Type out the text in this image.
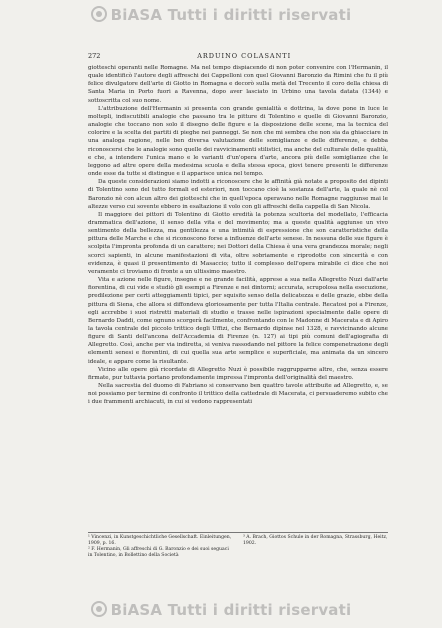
BiASA Tutti i diritti riservati
272	ARDUINO COLASANTI

giotteschi operanti nelle Romagne. Ma nel tempo dispiacendo di non poter convenire con l'Hermanin, il quale identificò l'autore degli affreschi dei Cappelloni con quel Giovanni Baronzio da Rimini che fu il più felice divulgatore dell'arte di Giotto in Romagna e decorò sulla metà del Trecento il coro della chiesa di Santa Maria in Porto fuori a Ravenna, dopo aver lasciato in Urbino una tavola datata (1344) e sottoscritta col suo nome.

L'attribuzione dell'Hermanin si presenta con grande genialità e dottrina, la dove pone in luce le moltepli, indiscutibili analogie che passano tra le pitture di Tolentino e quelle di Giovanni Baronzio, analogie che toccano non solo il disegno delle figure e la disposizione delle scene, ma la tecnica del colorire e la scelta dei partiti di pieghe nei panneggi. Se non che mi sembra che non sia da ghiacciare in una analoga ragione, nelle ben diversa valutazione delle somiglianze e delle differenze, e debba riconoscersi che le analogie sono quelle dei ravvicinamenti stilistici, ma anche del culturale delle qualità, e che, a intendere l'unica mano e le varianti d'un'opera d'arte, ancora più delle somiglianze che le leggono ad altre opere della medesima scuola e della stessa epoca, giovi tenere presenti le differenze onde esse da tutte si distingue e il apparisce unica nel tempo.

Da queste considerazioni siamo indotti a riconoscere che le affinità già notate a proposito dei dipinti di Tolentino sono del tutto formali ed esteriori, non toccano cioè la sostanza dell'arte, la quale nè col Baronzio nè con alcun altro dei giotteschi che in quell'epoca operavano nelle Romagne raggiunse mai le altezze verso cui sovente ebbero in esaltazione il volo con gli affreschi della cappella di San Nicola.

Il maggiore dei pittori di Tolentino di Giotto eredità la potenza scultoria del modellato, l'efficacia drammatica dell'azione, il senso della vita e del movimento; ma a queste qualità aggiunse un vivo sentimento della bellezza, ma gentilezza e una intimità di espressione che son caratteristiche della pittura delle Marche e che si riconoscono forse a influenze dell'arte senese. In nessuna delle sue figure è scolpita l'impronta profonda di un carattere; nei Dottori della Chiesa è una vera grandezza morale; negli scorci sapienti, in alcune manifestazioni di vita, oltre sobriamente e riprodotte con sincerità e con evidenza, è quasi il presentimento di Masaccio; tutto il complesso dell'opera mirabile ci dice che noi veramente ci troviamo di fronte a un ultissimo maestro.

Vita e azione nelle figure, insegne e ne grande facilità, apprese a sua nella Allegretto Nuzi dall'arte fiorentina, di cui vide e studiò gli esempi a Firenze e nei dintorni; accurata, scrupolosa nella esecuzione, predilezione per certi atteggiamenti tipici, per squisito senso della delicatezza e delle grazie, ebbe della pittura di Siena, che allora si diffondeva gloriosamente per tutta l'Italia centrale. Recatosi poi a Firenze, egli accrebbe i suoi ristretti materiali di studio e trasse nelle ispirazioni specialmente dalle opere di Bernardo Daddi, come ognuno scorgerà facilmente, confrontando con le Madonne di Macerata e di Apiro la tavola centrale del piccolo trittico degli Uffizi, che Bernardo dipinse nel 1328, e ravvicinando alcune figure di Santi dell'ancona dell'Accademia di Firenze (n. 127) ai tipi più comuni dell'agiografia di Allegretto. Così, anche per via indiretta, si veniva rassodando nel pittore la felice compenetrazione degli elementi senesi e fiorentini, di cui quella sua arte semplice e superficiale, ma animata da un sincero ideale, e appare come la risultante.

Vicino alle opere già ricordate di Allegretto Nuzi è possibile raggrupparne altre, che, senza essere firmate, pur tuttavia portano profondamente impressa l'impronta dell'originalità del maestro.

Nella sacrestia del duomo di Fabriano si conservano ben quattro tavole attribuite ad Allegretto, e, se noi possiamo per termine di confronto il trittico della cattedrale di Macerata, ci persuaderemo subito che i due frammenti archiacuti, in cui si vedono rappresentati

¹ Vincenzi, in Kunstgeschichtliche Gesellschaft. Einleitungen, 1909, p. 16.

² F. Hermanin, Gli affreschi di G. Baronzio e dei suoi seguaci in Tolentino, in Bollettino della Società

³ A. Brach, Giottos Schule in der Romagna, Strassburg, Heitz, 1902.

BiASA Tutti i diritti riservati
